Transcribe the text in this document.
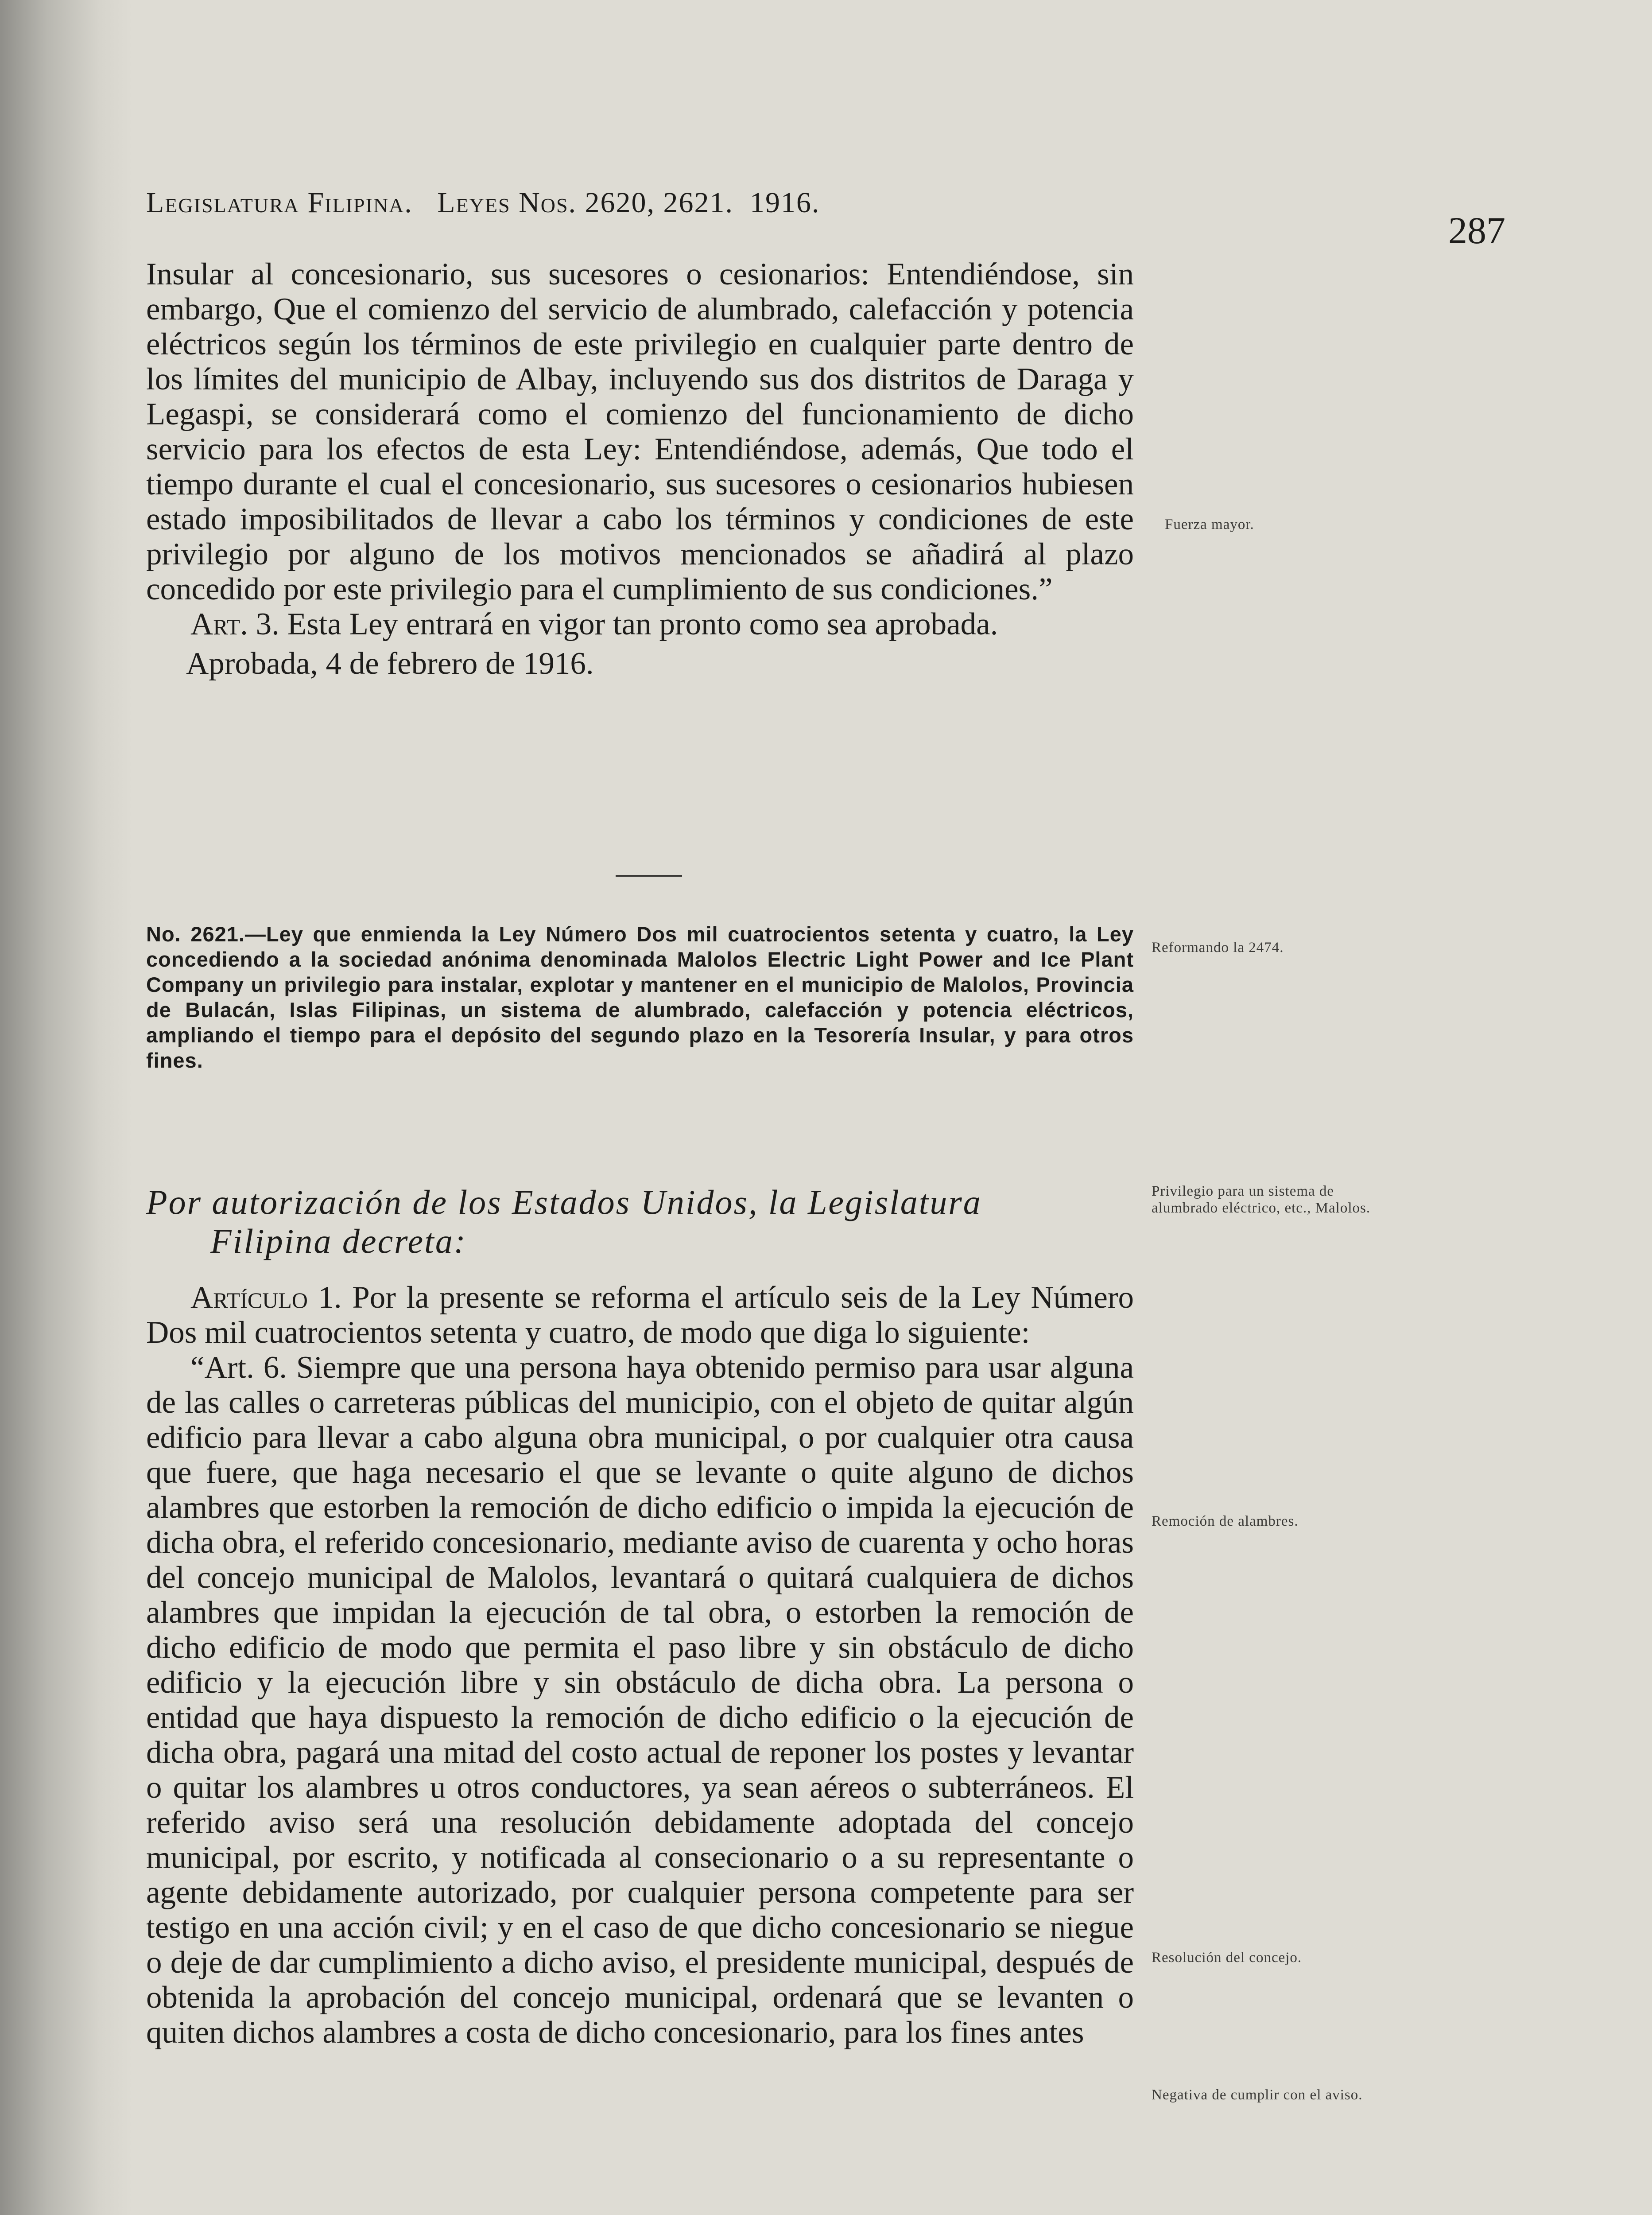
Legislatura Filipina. Leyes Nos. 2620, 2621. 1916.
287

Insular al concesionario, sus sucesores o cesionarios: Entendiéndose, sin embargo, Que el comienzo del servicio de alumbrado, calefacción y potencia eléctricos según los términos de este privilegio en cualquier parte dentro de los límites del municipio de Albay, incluyendo sus dos distritos de Daraga y Legaspi, se considerará como el comienzo del funcionamiento de dicho servicio para los efectos de esta Ley: Entendiéndose, además, Que todo el tiempo durante el cual el concesionario, sus sucesores o cesionarios hubiesen estado imposibilitados de llevar a cabo los términos y condiciones de este privilegio por alguno de los motivos mencionados se añadirá al plazo concedido por este privilegio para el cumplimiento de sus condiciones.”

Art. 3. Esta Ley entrará en vigor tan pronto como sea aprobada.

Aprobada, 4 de febrero de 1916.

No. 2621.—Ley que enmienda la Ley Número Dos mil cuatrocientos setenta y cuatro, la Ley concediendo a la sociedad anónima denominada Malolos Electric Light Power and Ice Plant Company un privilegio para instalar, explotar y mantener en el municipio de Malolos, Provincia de Bulacán, Islas Filipinas, un sistema de alumbrado, calefacción y potencia eléctricos, ampliando el tiempo para el depósito del segundo plazo en la Tesorería Insular, y para otros fines.
Por autorización de los Estados Unidos, la Legislatura
Filipina decreta:

Artículo 1. Por la presente se reforma el artículo seis de la Ley Número Dos mil cuatrocientos setenta y cuatro, de modo que diga lo siguiente:

“Art. 6. Siempre que una persona haya obtenido permiso para usar alguna de las calles o carreteras públicas del municipio, con el objeto de quitar algún edificio para llevar a cabo alguna obra municipal, o por cualquier otra causa que fuere, que haga necesario el que se levante o quite alguno de dichos alambres que estorben la remoción de dicho edificio o impida la ejecución de dicha obra, el referido concesionario, mediante aviso de cuarenta y ocho horas del concejo municipal de Malolos, levantará o quitará cualquiera de dichos alambres que impidan la ejecución de tal obra, o estorben la remoción de dicho edificio de modo que permita el paso libre y sin obstáculo de dicho edificio y la ejecución libre y sin obstáculo de dicha obra. La persona o entidad que haya dispuesto la remoción de dicho edificio o la ejecución de dicha obra, pagará una mitad del costo actual de reponer los postes y levantar o quitar los alambres u otros conductores, ya sean aéreos o subterráneos. El referido aviso será una resolución debidamente adoptada del concejo municipal, por escrito, y notificada al consecionario o a su representante o agente debidamente autorizado, por cualquier persona competente para ser testigo en una acción civil; y en el caso de que dicho concesionario se niegue o deje de dar cumplimiento a dicho aviso, el presidente municipal, después de obtenida la aprobación del concejo municipal, ordenará que se levanten o quiten dichos alambres a costa de dicho concesionario, para los fines antes

Fuerza mayor.
Reformando la 2474.
Privilegio para un sistema de alumbrado eléctrico, etc., Malolos.
Remoción de alambres.
Resolución del concejo.
Negativa de cumplir con el aviso.
